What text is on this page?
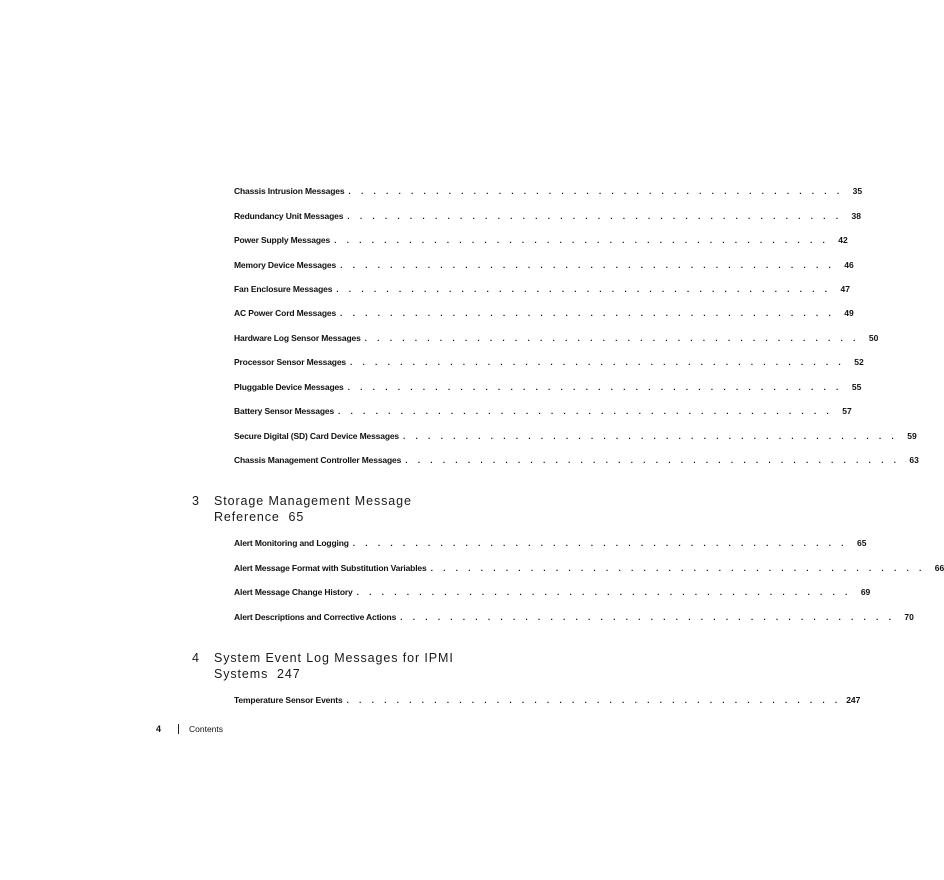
Chassis Intrusion Messages . . . . . . . . . . . . . . . . . . . . . . . . . . . . . . . . . . . . . . . .	35
Redundancy Unit Messages . . . . . . . . . . . . . . . . . . . . . . . . . . . . . . . . . . . . . . . .	38
Power Supply Messages . . . . . . . . . . . . . . . . . . . . . . . . . . . . . . . . . . . . . . . .	42
Memory Device Messages . . . . . . . . . . . . . . . . . . . . . . . . . . . . . . . . . . . . . . . .	46
Fan Enclosure Messages . . . . . . . . . . . . . . . . . . . . . . . . . . . . . . . . . . . . . . . .	47
AC Power Cord Messages . . . . . . . . . . . . . . . . . . . . . . . . . . . . . . . . . . . . . . . .	49
Hardware Log Sensor Messages . . . . . . . . . . . . . . . . . . . . . . . . . . . . . . . . . . . . . . . .	50
Processor Sensor Messages . . . . . . . . . . . . . . . . . . . . . . . . . . . . . . . . . . . . . . . .	52
Pluggable Device Messages . . . . . . . . . . . . . . . . . . . . . . . . . . . . . . . . . . . . . . . .	55
Battery Sensor Messages . . . . . . . . . . . . . . . . . . . . . . . . . . . . . . . . . . . . . . . .	57
Secure Digital (SD) Card Device Messages . . . . . . . . . . . . . . . . . . . . . . . . . . . . . . . . . . . . . . . .	59
Chassis Management Controller Messages . . . . . . . . . . . . . . . . . . . . . . . . . . . . . . . . . . . . . . . .	63
3 Storage Management Message Reference 65
Alert Monitoring and Logging . . . . . . . . . . . . . . . . . . . . . . . . . . . . . . . . . . . . . . . .	65
Alert Message Format with Substitution Variables . . . . . . . . . . . . . . . . . . . . . . . . . . . . . . . . . . . . . . . .	66
Alert Message Change History . . . . . . . . . . . . . . . . . . . . . . . . . . . . . . . . . . . . . . . .	69
Alert Descriptions and Corrective Actions . . . . . . . . . . . . . . . . . . . . . . . . . . . . . . . . . . . . . . . .	70
4 System Event Log Messages for IPMI Systems 247
Temperature Sensor Events . . . . . . . . . . . . . . . . . . . . . . . . . . . . . . . . . . . . . . . . 247
4	Contents
